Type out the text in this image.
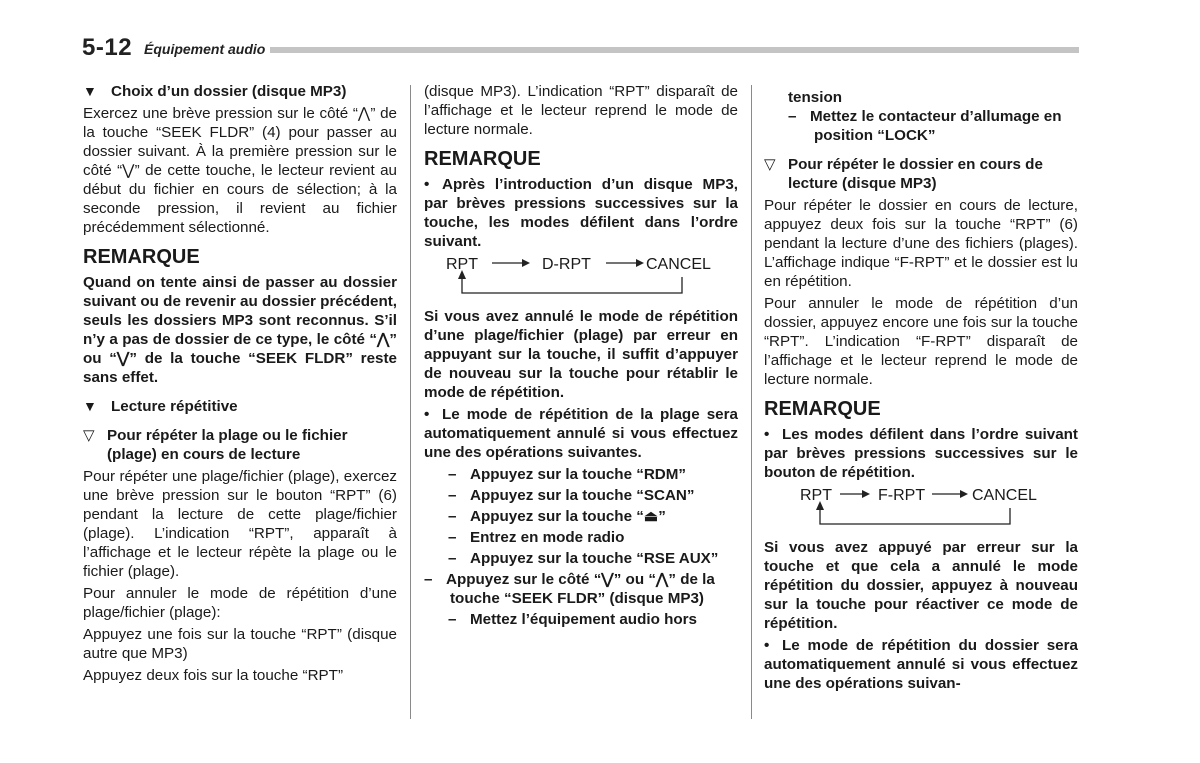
5-12 Équipement audio
▼ Choix d’un dossier (disque MP3)

Exercez une brève pression sur le côté “⋀” de la touche “SEEK FLDR” (4) pour passer au dossier suivant. À la première pression sur le côté “⋁” de cette touche, le lecteur revient au début du fichier en cours de sélection; à la seconde pression, il revient au fichier précédemment sélectionné.

REMARQUE

Quand on tente ainsi de passer au dossier suivant ou de revenir au dossier précédent, seuls les dossiers MP3 sont reconnus. S’il n’y a pas de dossier de ce type, le côté “⋀” ou “⋁” de la touche “SEEK FLDR” reste sans effet.

▼ Lecture répétitive
▽ Pour répéter la plage ou le fichier (plage) en cours de lecture

Pour répéter une plage/fichier (plage), exercez une brève pression sur le bouton “RPT” (6) pendant la lecture de cette plage/fichier (plage). L’indication “RPT”, apparaît à l’affichage et le lecteur répète la plage ou le fichier (plage).

Pour annuler le mode de répétition d’une plage/fichier (plage):

Appuyez une fois sur la touche “RPT” (disque autre que MP3)

Appuyez deux fois sur la touche “RPT”

(disque MP3). L’indication “RPT” disparaît de l’affichage et le lecteur reprend le mode de lecture normale.

REMARQUE

• Après l’introduction d’un disque MP3, par brèves pressions successives sur la touche, les modes défilent dans l’ordre suivant.

RPT	D-RPT	CANCEL

Si vous avez annulé le mode de répétition d’une plage/fichier (plage) par erreur en appuyant sur la touche, il suffit d’appuyer de nouveau sur la touche pour rétablir le mode de répétition.

• Le mode de répétition de la plage sera automatiquement annulé si vous effectuez une des opérations suivantes.

– Appuyez sur la touche “RDM”
– Appuyez sur la touche “SCAN”
– Appuyez sur la touche “⏏”
– Entrez en mode radio
– Appuyez sur la touche “RSE AUX”
– Appuyez sur le côté “⋁” ou “⋀” de la touche “SEEK FLDR” (disque MP3)
– Mettez l’équipement audio hors
tension
– Mettez le contacteur d’allumage en position “LOCK”
▽ Pour répéter le dossier en cours de lecture (disque MP3)

Pour répéter le dossier en cours de lecture, appuyez deux fois sur la touche “RPT” (6) pendant la lecture d’une des fichiers (plages). L’affichage indique “F-RPT” et le dossier est lu en répétition.

Pour annuler le mode de répétition d’un dossier, appuyez encore une fois sur la touche “RPT”. L’indication “F-RPT” disparaît de l’affichage et le lecteur reprend le mode de lecture normale.

REMARQUE

• Les modes défilent dans l’ordre suivant par brèves pressions successives sur le bouton de répétition.

RPT	F-RPT	CANCEL

Si vous avez appuyé par erreur sur la touche et que cela a annulé le mode répétition du dossier, appuyez à nouveau sur la touche pour réactiver ce mode de répétition.

• Le mode de répétition du dossier sera automatiquement annulé si vous effectuez une des opérations suivan-
